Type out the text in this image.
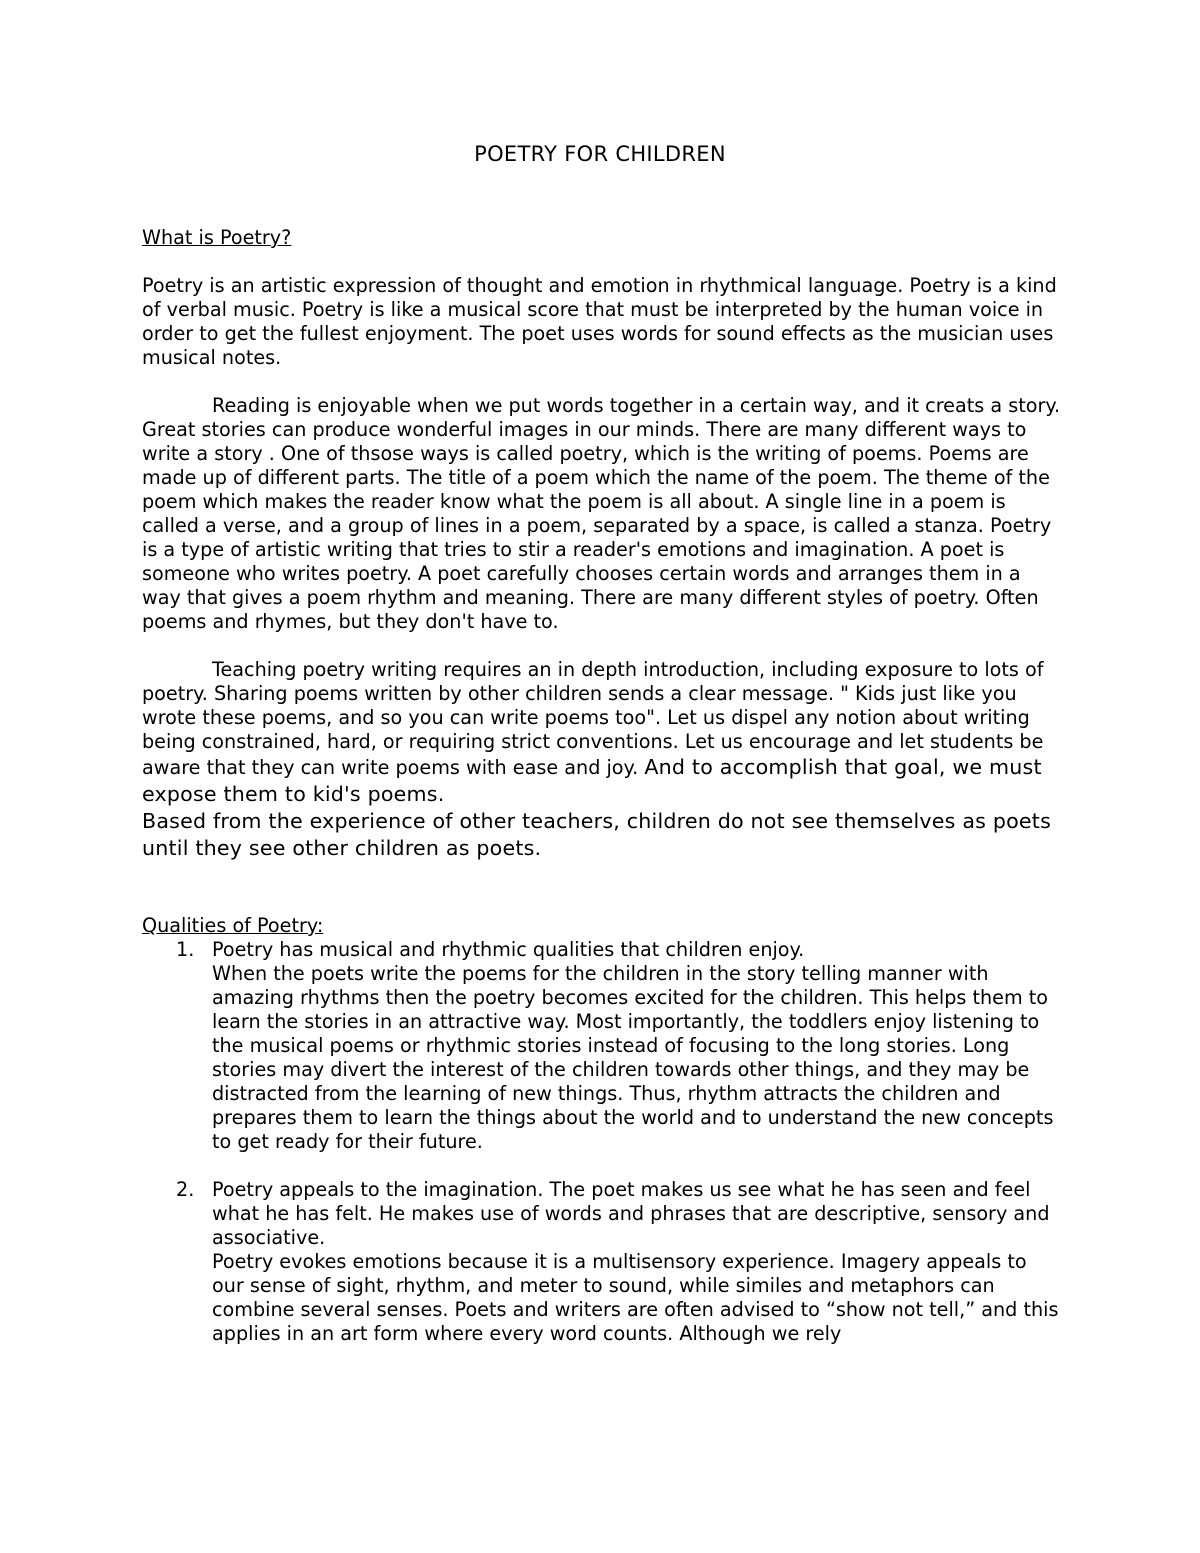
POETRY FOR CHILDREN

What is Poetry?

Poetry is an artistic expression of thought and emotion in rhythmical language. Poetry is a kind of verbal music. Poetry is like a musical score that must be interpreted by the human voice in order to get the fullest enjoyment. The poet uses words for sound effects as the musician uses musical notes.

Reading is enjoyable when we put words together in a certain way, and it creats a story. Great stories can produce wonderful images in our minds. There are many different ways to write a story . One of thsose ways is called poetry, which is the writing of poems. Poems are made up of different parts. The title of a poem which the name of the poem. The theme of the poem which makes the reader know what the poem is all about. A single line in a poem is called a verse, and a group of lines in a poem, separated by a space, is called a stanza. Poetry is a type of artistic writing that tries to stir a reader's emotions and imagination. A poet is someone who writes poetry. A poet carefully chooses certain words and arranges them in a way that gives a poem rhythm and meaning. There are many different styles of poetry. Often poems and rhymes, but they don't have to.

Teaching poetry writing requires an in depth introduction, including exposure to lots of poetry. Sharing poems written by other children sends a clear message. " Kids just like you wrote these poems, and so you can write poems too". Let us dispel any notion about writing being constrained, hard, or requiring strict conventions. Let us encourage and let students be aware that they can write poems with ease and joy. And to accomplish that goal, we must expose them to kid's poems.

Based from the experience of other teachers, children do not see themselves as poets until they see other children as poets.

Qualities of Poetry:

1. Poetry has musical and rhythmic qualities that children enjoy.

When the poets write the poems for the children in the story telling manner with amazing rhythms then the poetry becomes excited for the children. This helps them to learn the stories in an attractive way. Most importantly, the toddlers enjoy listening to the musical poems or rhythmic stories instead of focusing to the long stories. Long stories may divert the interest of the children towards other things, and they may be distracted from the learning of new things. Thus, rhythm attracts the children and prepares them to learn the things about the world and to understand the new concepts to get ready for their future.

2. Poetry appeals to the imagination. The poet makes us see what he has seen and feel what he has felt. He makes use of words and phrases that are descriptive, sensory and associative.

Poetry evokes emotions because it is a multisensory experience. Imagery appeals to our sense of sight, rhythm, and meter to sound, while similes and metaphors can combine several senses. Poets and writers are often advised to “show not tell,” and this applies in an art form where every word counts. Although we rely
